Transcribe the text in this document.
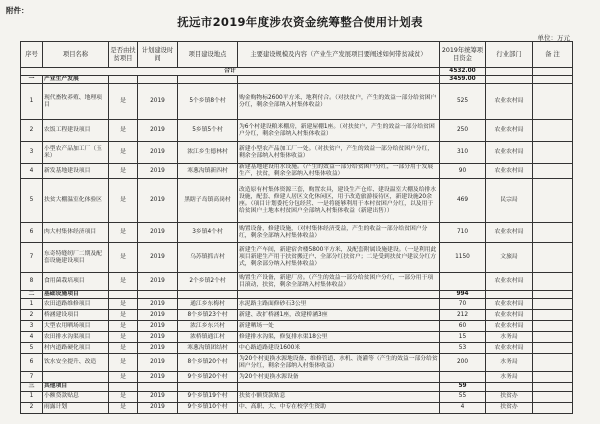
附件：
抚远市2019年度涉农资金统筹整合使用计划表
单位：万元
序号	项目名称	是否由扶贫项目	计划建设时间	项目建设地点	主要建设规模及内容（产业生产发展项目要阐述如何带贫减贫）	2019年统筹项目资金	行业部门	备 注
合计						4532.00		
一	产业生产发展					3459.00		
1	现代畜牧养殖、地理项目	是	2019	5个乡镇8个村	购金购物标2600平方米、地利付合。（对扶贫户，产生的效益一部分给贫困户分红，剩余全部纳入村集体收益）	525	农业农村局	
2	农饭工程建设项目	是	2019	5乡镇5个村	为6个村建设粮米棚房，新建屋棚1座。（对扶贫户，产生的效益一部分给贫困户分红，剩余全部纳入村集体收益）	250	农业农村局	
3	小型农产品加工厂（玉米）	是	2019	浓江乡生德林村	新建小型农产品加工厂一处。（对扶贫户，产生的效益一部分给贫困户分红，剩余全部纳入村集体收益）	310	农业农村局	
4	新发基地建设项目	是	2019	寒葱沟镇新四村	新建基地建设用水设施。（产生的效益一部分给贫困户分红，一部分用于发展生产，扶贫，剩余全部纳入村集体收益）	90	农业农村局	
5	扶贫大棚温室化体验区	是	2019	黑瞎子岛镇高岗村	改造原有村集体资源三套，购置农具，建设生产仓库、建设温室大棚及给排水设施，配套、修建人居区文化休闲区，用于改造旅游接待区，新建设施20余座。（项目计划委托分包经营、一是将能够利用于本村贫困户分红，以及用于给贫困户土地本村贫困户全部纳入村集体收益（新建出售））	469	民宗局	
6	肉大村集体经济项目	是	2019	3乡镇4个村	购置设备，修建设施，（对村集体经济受益，产生的收益一部分给贫困户分红，剩余全部纳入村集体收益）	710	农业农村局	
7	东奇特缝纫厂二期及配套设施建设项目	是	2019	乌苏镇抓吉村	新建生产车间，新建宿舍楼5800平方米，及配套附属设施建设。（一是利用此项目新建生产用于扶贫搬迁户、全部分红扶贫户；二是受到扶贫户建议分红方式，剩余部分纳入村集体收益）	1150	文旅局	
8	食用菌栽培项目	是	2019	2个乡镇2个村	购置生产设备，新建厂房。（产生的效益一部分给贫困户分红，一部分用于项目滚动，扶贫，剩余全部纳入村集体收益）		农业农村局	
二	基础设施项目					994		
1	农田道路维修项目	是	2019	通江乡东梅村	水泥路主路面修砂石3公里	70	农业农村局	
2	桥涵建设项目	是	2019	8个乡镇23个村	新建、改扩桥涵1座，改建桥涵3座	212	农业农村局	
3	大型农用晒场项目	是	2019	浓江乡东兴村	新建晒场一处	60	农业农村局	
4	农田排水沟渠项目	是	2019	浓桥镇通江村	修建排水沟渠，修复排水渠18公里	15	水务局	
5	村内道路硬化项目	是	2019	寒葱沟镇团结村	中心路道路建设1600米	53	农业农村局	
6	饮水安全提升、改造	是	2019	8个乡镇20个村	为20个村更换水源地设备、维修管道、水机、浇灌等（产生的效益一部分给贫困户分红，剩余全部纳入村集体收益）	200	水务局	
7		是	2019	9个乡镇20个村	为20个村更换水源设备		水务局	
三	其他项目					59		
1	小额贷款贴息	是	2019	9个乡镇19个村	扶贫小额贷款贴息	55	扶贫办	
2	雨露计划	是	2019	9个乡镇10个村	中、高职、大、中专在校学生资助	4	扶贫办	
